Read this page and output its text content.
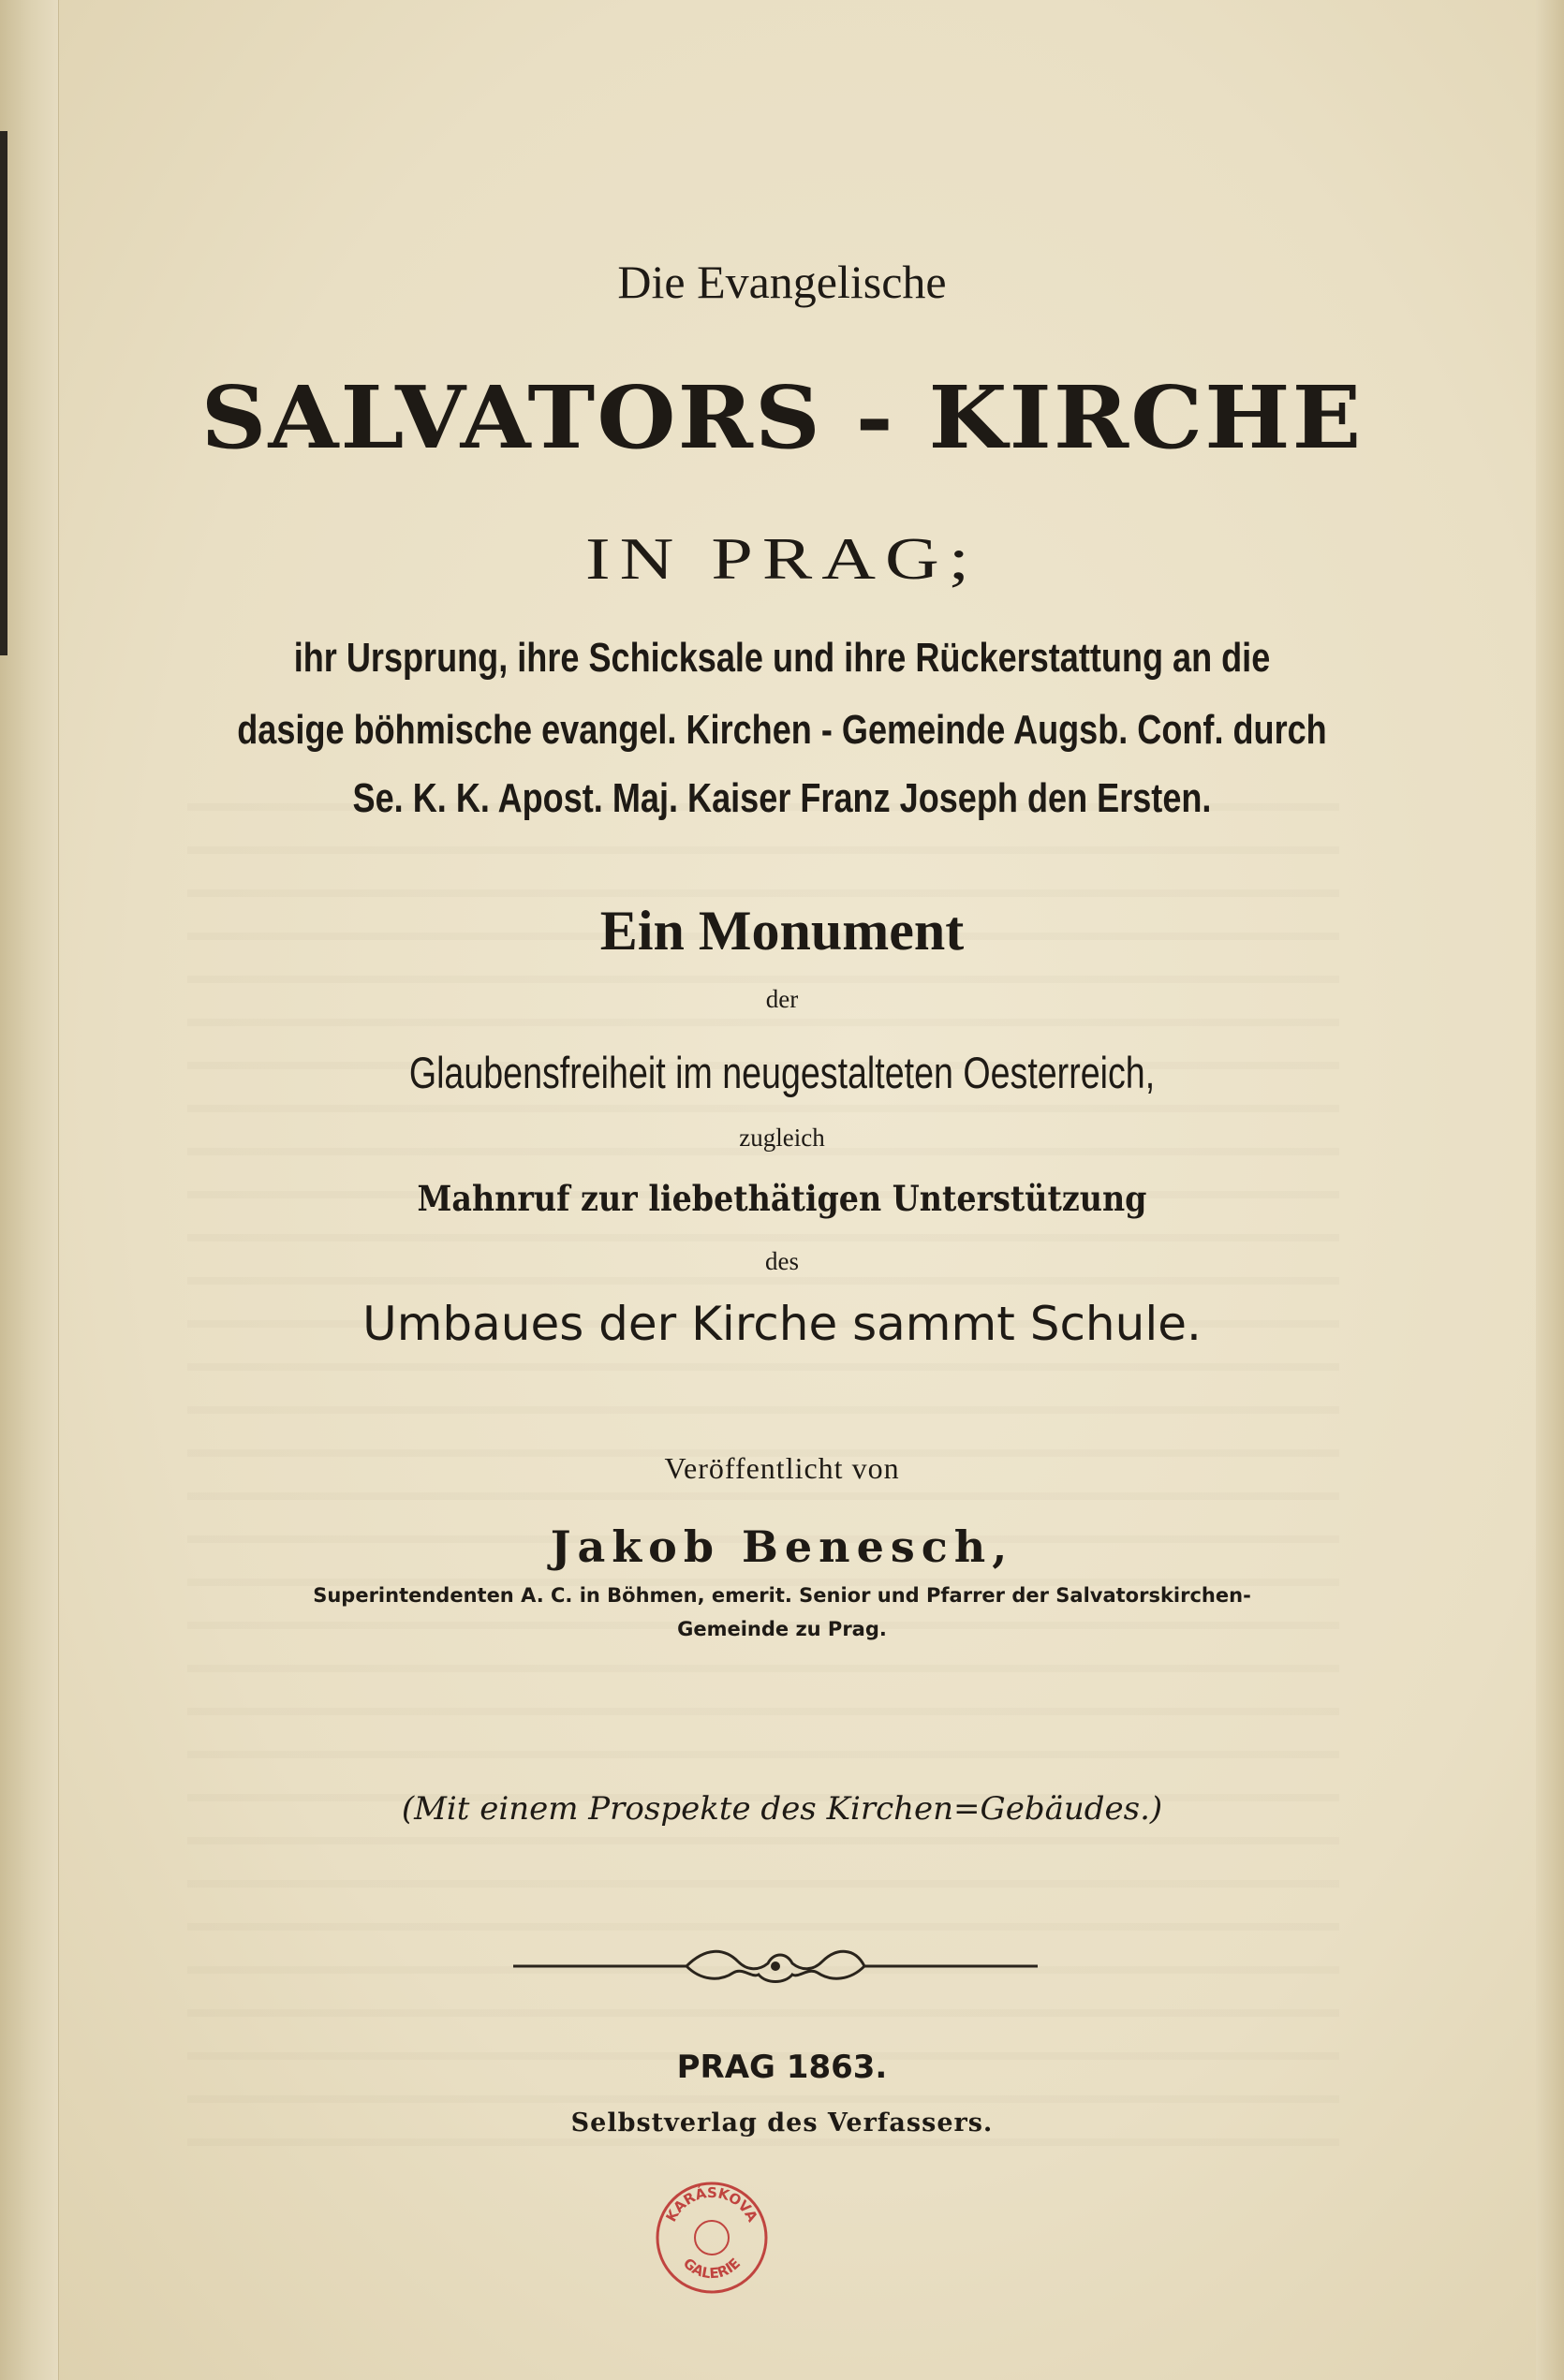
Die Evangelische
SALVATORS - KIRCHE
IN PRAG;
ihr Ursprung, ihre Schicksale und ihre Rückerstattung an die
dasige böhmische evangel. Kirchen - Gemeinde Augsb. Conf. durch
Se. K. K. Apost. Maj. Kaiser Franz Joseph den Ersten.
Ein Monument
der
Glaubensfreiheit im neugestalteten Oesterreich,
zugleich
Mahnruf zur liebethätigen Unterstützung
des
Umbaues der Kirche sammt Schule.
Veröffentlicht von
Jakob Benesch,
Superintendenten A. C. in Böhmen, emerit. Senior und Pfarrer der Salvatorskirchen-
Gemeinde zu Prag.
(Mit einem Prospekte des Kirchen=Gebäudes.)
PRAG 1863.
Selbstverlag des Verfassers.
KARÁSKOVA
GALERIE
